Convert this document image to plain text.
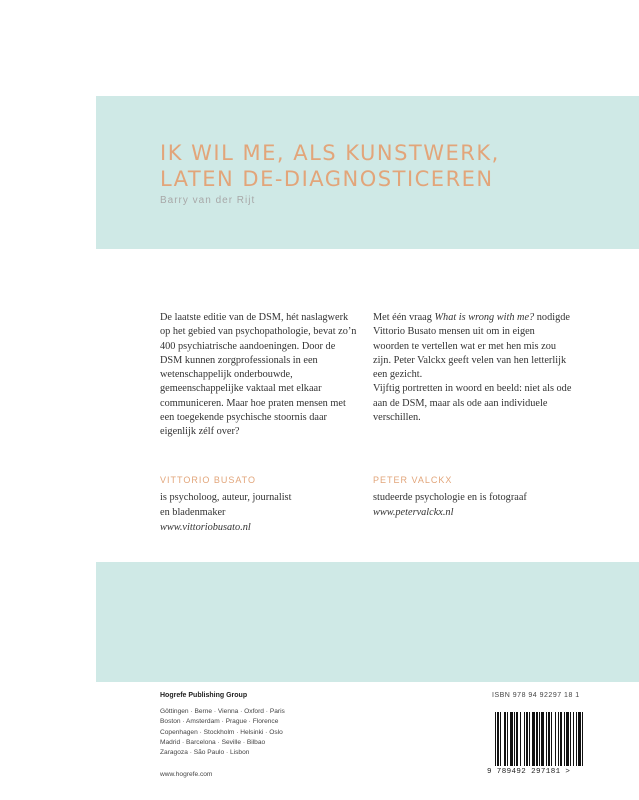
IK WIL ME, ALS KUNSTWERK,
LATEN DE-DIAGNOSTICEREN
Barry van der Rijt

De laatste editie van de DSM, hét naslagwerk op het gebied van psychopathologie, bevat zo’n 400 psychiatrische aandoeningen. Door de DSM kunnen zorgprofessionals in een wetenschappelijk onderbouwde, gemeenschappelijke vaktaal met elkaar communiceren. Maar hoe praten mensen met een toegekende psychische stoornis daar eigenlijk zélf over?

Met één vraag What is wrong with me? nodigde Vittorio Busato mensen uit om in eigen woorden te vertellen wat er met hen mis zou zijn. Peter Valckx geeft velen van hen letterlijk een gezicht.

Vijftig portretten in woord en beeld: niet als ode aan de DSM, maar als ode aan individuele verschillen.

VITTORIO BUSATO
is psycholoog, auteur, journalist
en bladenmaker
www.vittoriobusato.nl
PETER VALCKX
studeerde psychologie en is fotograaf
www.petervalckx.nl
Hogrefe Publishing Group
Göttingen · Berne · Vienna · Oxford · Paris
Boston · Amsterdam · Prague · Florence
Copenhagen · Stockholm · Helsinki · Oslo
Madrid · Barcelona · Seville · Bilbao
Zaragoza · São Paulo · Lisbon
www.hogrefe.com
ISBN 978 94 92297 18 1
9 789492 297181 >
